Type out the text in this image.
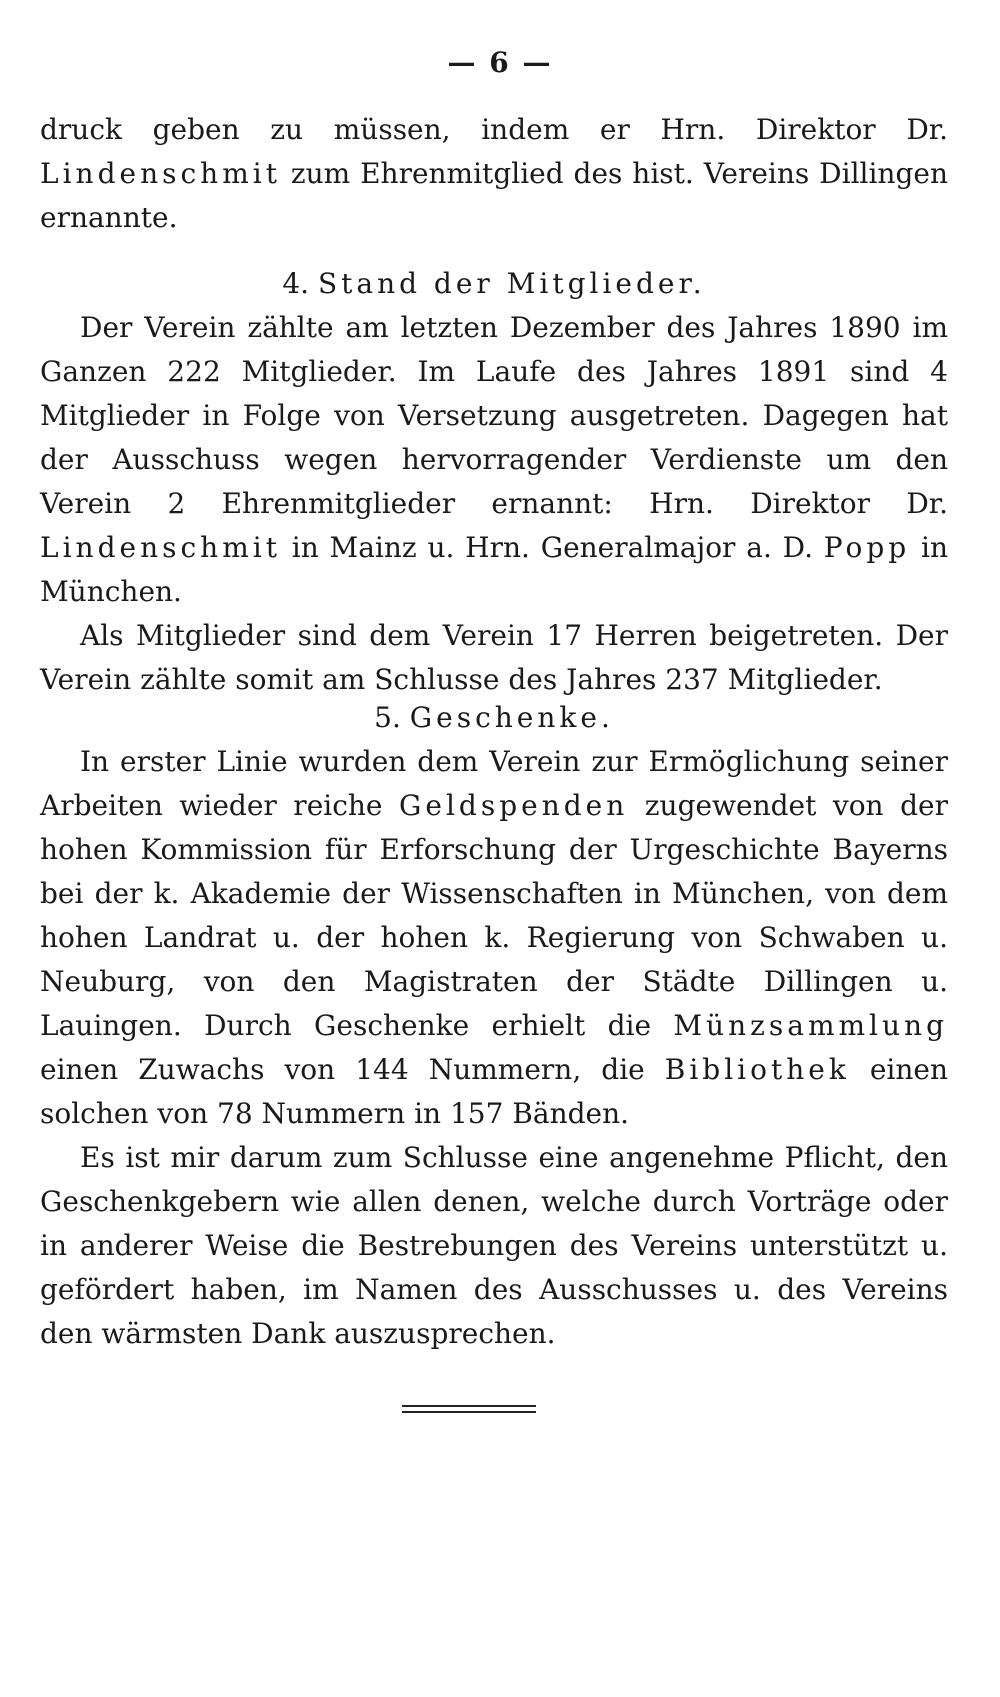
— 6 —

druck geben zu müssen, indem er Hrn. Direktor Dr. Lindenschmit zum Ehrenmitglied des hist. Vereins Dillingen ernannte.

4. Stand der Mitglieder.

Der Verein zählte am letzten Dezember des Jahres 1890 im Ganzen 222 Mitglieder. Im Laufe des Jahres 1891 sind 4 Mitglieder in Folge von Versetzung ausgetreten. Dagegen hat der Ausschuss wegen hervorragender Verdienste um den Verein 2 Ehrenmitglieder ernannt: Hrn. Direktor Dr. Lindenschmit in Mainz u. Hrn. Generalmajor a. D. Popp in München.

Als Mitglieder sind dem Verein 17 Herren beigetreten. Der Verein zählte somit am Schlusse des Jahres 237 Mitglieder.

5. Geschenke.

In erster Linie wurden dem Verein zur Ermöglichung seiner Arbeiten wieder reiche Geldspenden zugewendet von der hohen Kommission für Erforschung der Urgeschichte Bayerns bei der k. Akademie der Wissenschaften in München, von dem hohen Landrat u. der hohen k. Regierung von Schwaben u. Neuburg, von den Magistraten der Städte Dillingen u. Lauingen. Durch Geschenke erhielt die Münzsammlung einen Zuwachs von 144 Nummern, die Bibliothek einen solchen von 78 Nummern in 157 Bänden.

Es ist mir darum zum Schlusse eine angenehme Pflicht, den Geschenkgebern wie allen denen, welche durch Vorträge oder in anderer Weise die Bestrebungen des Vereins unterstützt u. gefördert haben, im Namen des Ausschusses u. des Vereins den wärmsten Dank auszusprechen.
